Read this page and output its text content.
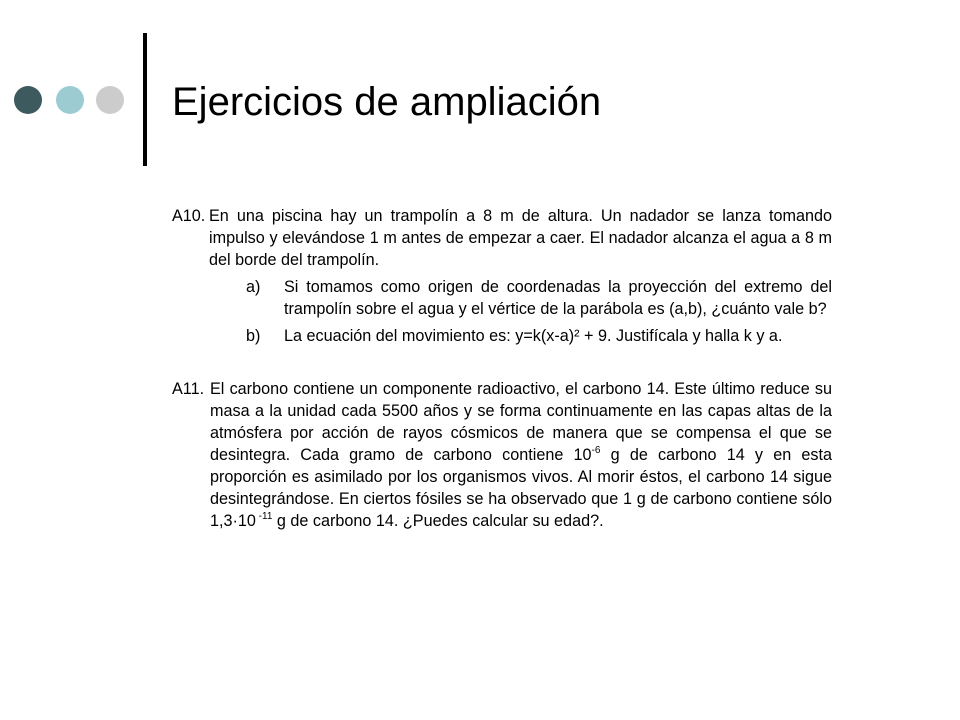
Ejercicios de ampliación
A10. En una piscina hay un trampolín a 8 m de altura. Un nadador se lanza tomando impulso y elevándose 1 m antes de empezar a caer. El nadador alcanza el agua a 8 m del borde del trampolín.
a)	Si tomamos como origen de coordenadas la proyección del extremo del trampolín sobre el agua y el vértice de la parábola es (a,b), ¿cuánto vale b?
b)	La ecuación del movimiento es: y=k(x-a)² + 9. Justifícala y halla k y a.
A11. El carbono contiene un componente radioactivo, el carbono 14. Este último reduce su masa a la unidad cada 5500 años y se forma continuamente en las capas altas de la atmósfera por acción de rayos cósmicos de manera que se compensa el que se desintegra. Cada gramo de carbono contiene $10^{-6}$ g de carbono 14 y en esta proporción es asimilado por los organismos vivos. Al morir éstos, el carbono 14 sigue desintegrándose. En ciertos fósiles se ha observado que 1 g de carbono contiene sólo 1,3·10 $^{-11}$ g de carbono 14. ¿Puedes calcular su edad?.
